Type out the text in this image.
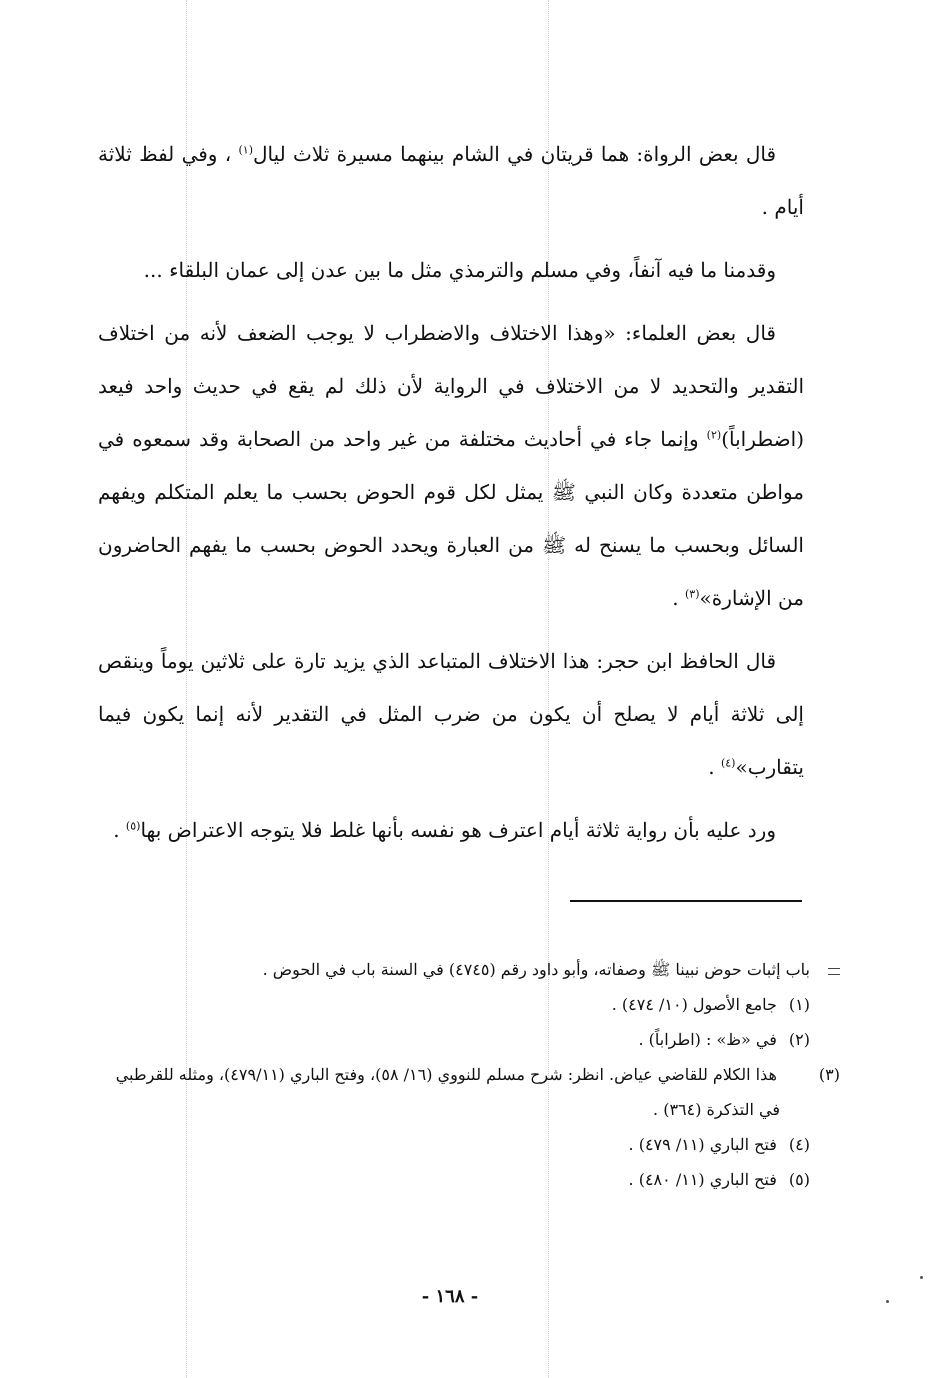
قال بعض الرواة: هما قريتان في الشام بينهما مسيرة ثلاث ليال$^{(١)}$ ، وفي لفظ ثلاثة أيام .

وقدمنا ما فيه آنفاً، وفي مسلم والترمذي مثل ما بين عدن إلى عمان البلقاء ...

قال بعض العلماء: «وهذا الاختلاف والاضطراب لا يوجب الضعف لأنه من اختلاف التقدير والتحديد لا من الاختلاف في الرواية لأن ذلك لم يقع في حديث واحد فيعد (اضطراباً)$^{(٢)}$ وإنما جاء في أحاديث مختلفة من غير واحد من الصحابة وقد سمعوه في مواطن متعددة وكان النبي ﷺ يمثل لكل قوم الحوض بحسب ما يعلم المتكلم ويفهم السائل وبحسب ما يسنح له ﷺ من العبارة ويحدد الحوض بحسب ما يفهم الحاضرون من الإشارة»$^{(٣)}$ .

قال الحافظ ابن حجر: هذا الاختلاف المتباعد الذي يزيد تارة على ثلاثين يوماً وينقص إلى ثلاثة أيام لا يصلح أن يكون من ضرب المثل في التقدير لأنه إنما يكون فيما يتقارب»$^{(٤)}$ .

ورد عليه بأن رواية ثلاثة أيام اعترف هو نفسه بأنها غلط فلا يتوجه الاعتراض بها$^{(٥)}$ .

باب إثبات حوض نبينا ﷺ وصفاته، وأبو داود رقم (٤٧٤٥) في السنة باب في الحوض .

(١) جامع الأصول (١٠/ ٤٧٤) .

(٢) في «ظ» : (اطراباً) .

(٣) هذا الكلام للقاضي عياض. انظر: شرح مسلم للنووي (١٦/ ٥٨)، وفتح الباري (٤٧٩/١١)، ومثله للقرطبي في التذكرة (٣٦٤) .

(٤) فتح الباري (١١/ ٤٧٩) .

(٥) فتح الباري (١١/ ٤٨٠) .

- ١٦٨ -
